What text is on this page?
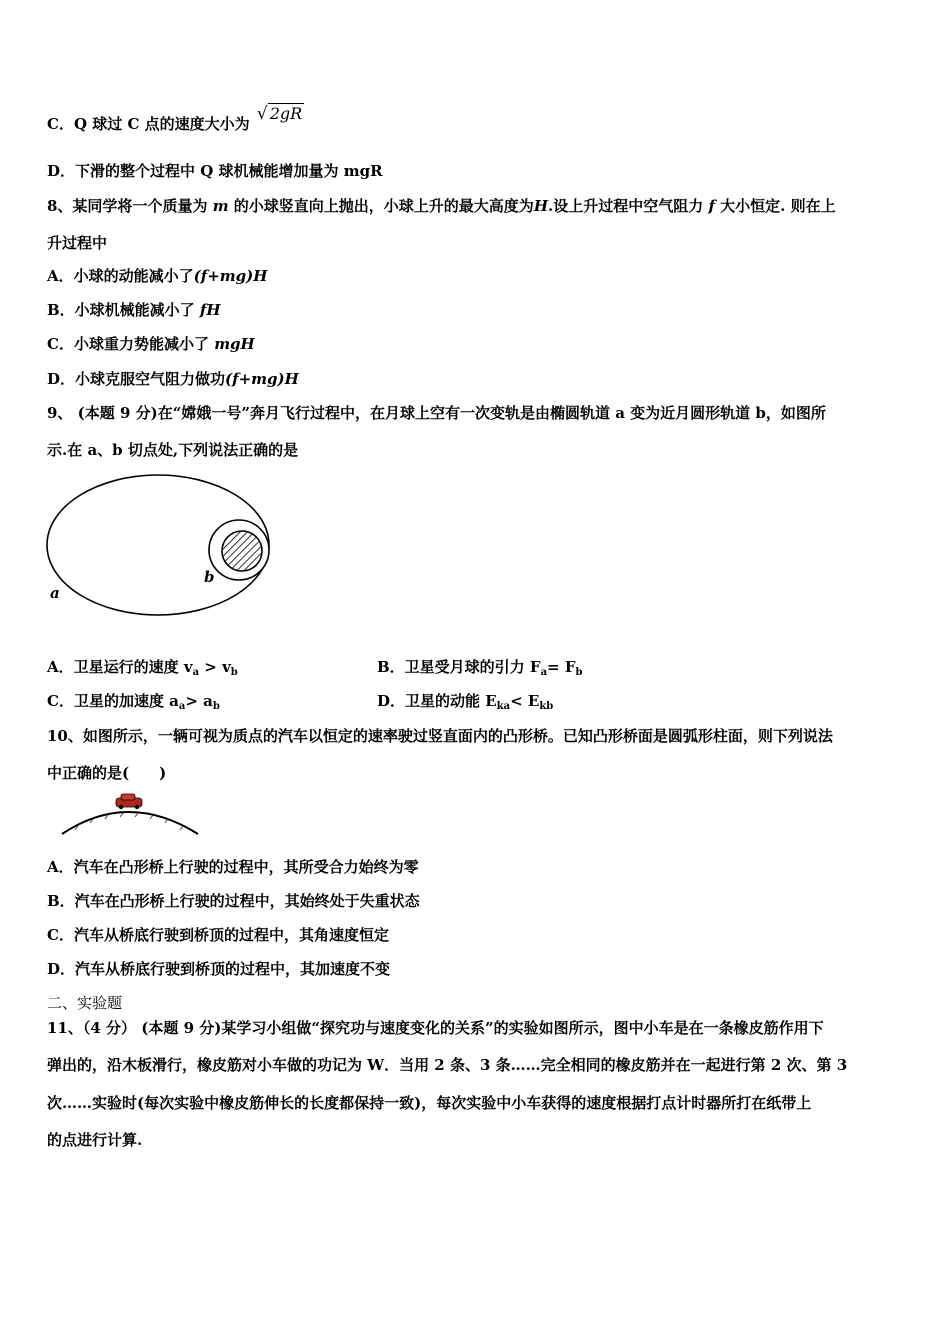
C．Q 球过 C 点的速度大小为 √ 2gR
D．下滑的整个过程中 Q 球机械能增加量为 mgR
8、某同学将一个质量为 m 的小球竖直向上抛出，小球上升的最大高度为H.设上升过程中空气阻力 f 大小恒定. 则在上
升过程中
A．小球的动能减小了(f+mg)H
B．小球机械能减小了 fH
C．小球重力势能减小了 mgH
D．小球克服空气阻力做功(f+mg)H
9、 (本题 9 分)在“嫦娥一号”奔月飞行过程中，在月球上空有一次变轨是由椭圆轨道 a 变为近月圆形轨道 b，如图所
示.在 a、b 切点处,下列说法正确的是
b
a
A．卫星运行的速度 $v_a > v_b$	B．卫星受月球的引力 $F_a= F_b$
C．卫星的加速度 $a_a> a_b$	D．卫星的动能 $E_{ka}< E_{kb}$
10、如图所示，一辆可视为质点的汽车以恒定的速率驶过竖直面内的凸形桥。已知凸形桥面是圆弧形柱面，则下列说法
中正确的是(　　)
A．汽车在凸形桥上行驶的过程中，其所受合力始终为零
B．汽车在凸形桥上行驶的过程中，其始终处于失重状态
C．汽车从桥底行驶到桥顶的过程中，其角速度恒定
D．汽车从桥底行驶到桥顶的过程中，其加速度不变
二、实验题
11、（4 分） (本题 9 分)某学习小组做“探究功与速度变化的关系”的实验如图所示，图中小车是在一条橡皮筋作用下
弹出的，沿木板滑行，橡皮筋对小车做的功记为 W．当用 2 条、3 条……完全相同的橡皮筋并在一起进行第 2 次、第 3
次……实验时(每次实验中橡皮筋伸长的长度都保持一致)，每次实验中小车获得的速度根据打点计时器所打在纸带上
的点进行计算.
